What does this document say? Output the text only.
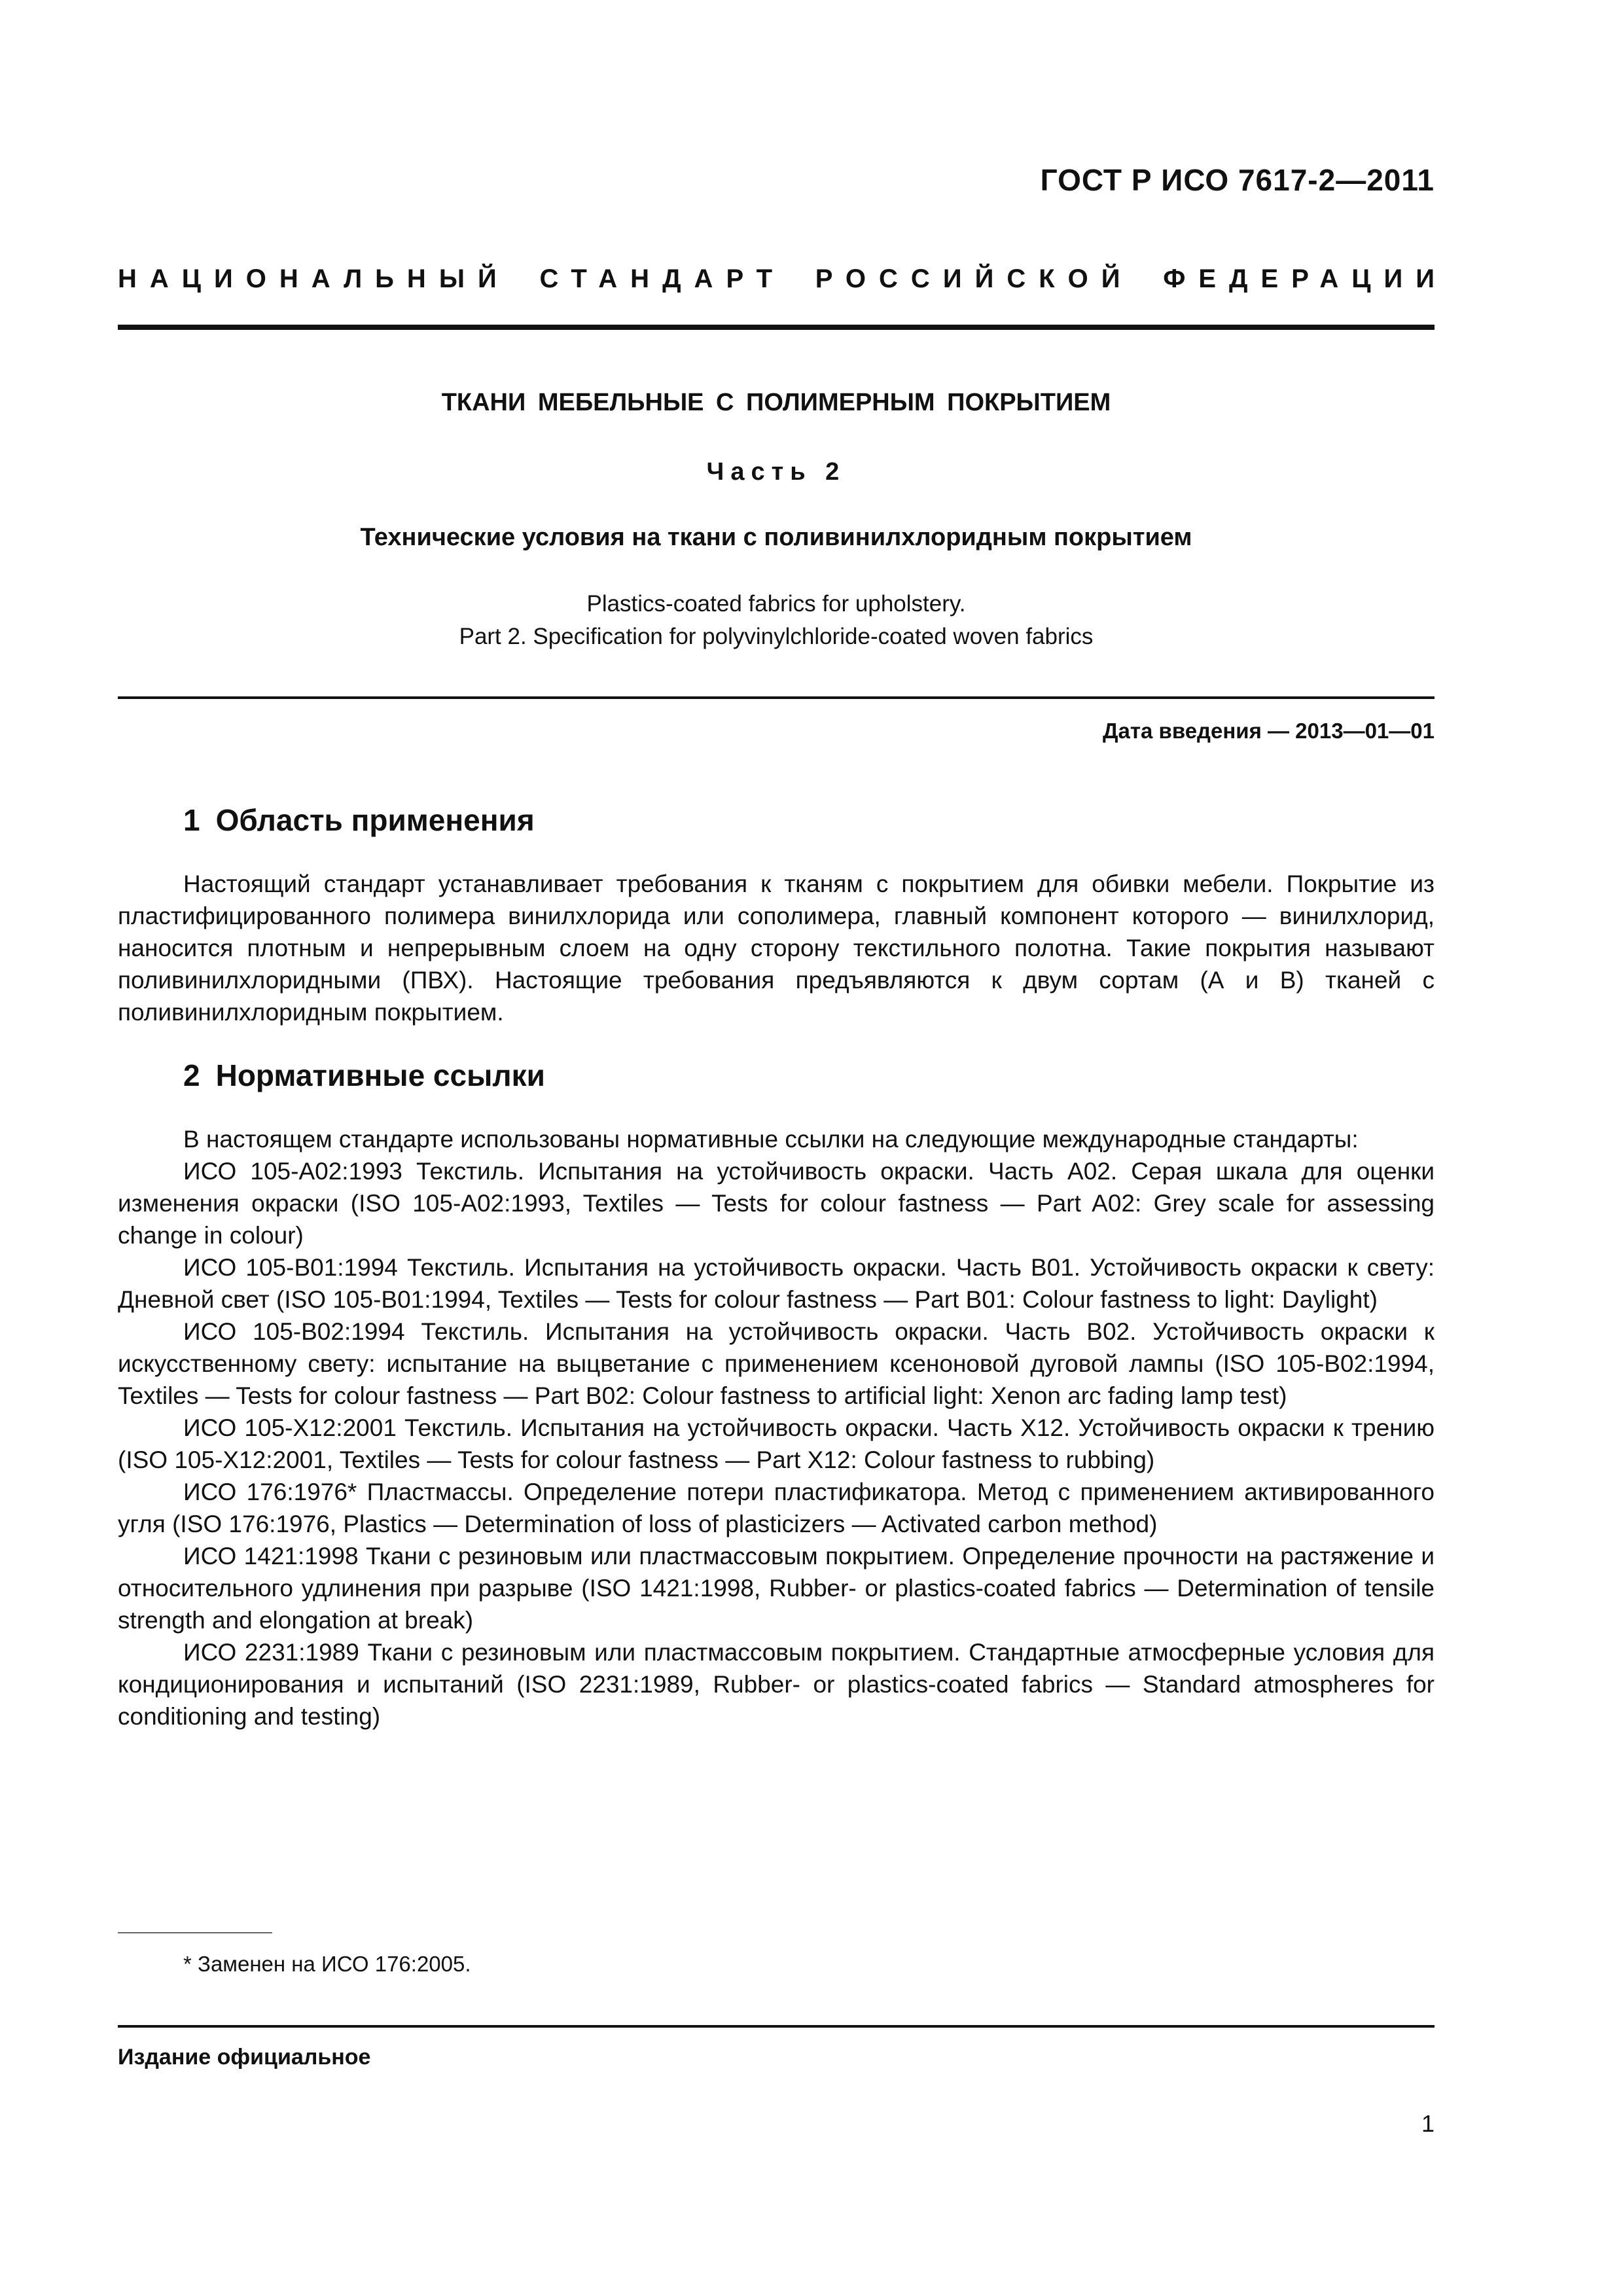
ГОСТ Р ИСО 7617-2—2011
НАЦИОНАЛЬНЫЙ СТАНДАРТ РОССИЙСКОЙ ФЕДЕРАЦИИ
ТКАНИ МЕБЕЛЬНЫЕ С ПОЛИМЕРНЫМ ПОКРЫТИЕМ
Часть 2
Технические условия на ткани с поливинилхлоридным покрытием
Plastics-coated fabrics for upholstery.
Part 2. Specification for polyvinylchloride-coated woven fabrics
Дата введения — 2013—01—01
1 Область применения

Настоящий стандарт устанавливает требования к тканям с покрытием для обивки мебели. Покрытие из пластифицированного полимера винилхлорида или сополимера, главный компонент которого — винилхлорид, наносится плотным и непрерывным слоем на одну сторону текстильного полотна. Такие покрытия называют поливинилхлоридными (ПВХ). Настоящие требования предъявляются к двум сортам (А и В) тканей с поливинилхлоридным покрытием.

2 Нормативные ссылки

В настоящем стандарте использованы нормативные ссылки на следующие международные стандарты:

ИСО 105-А02:1993 Текстиль. Испытания на устойчивость окраски. Часть А02. Серая шкала для оценки изменения окраски (ISO 105-A02:1993, Textiles — Tests for colour fastness — Part A02: Grey scale for assessing change in colour)

ИСО 105-В01:1994 Текстиль. Испытания на устойчивость окраски. Часть В01. Устойчивость окраски к свету: Дневной свет (ISO 105-B01:1994, Textiles — Tests for colour fastness — Part B01: Colour fastness to light: Daylight)

ИСО 105-В02:1994 Текстиль. Испытания на устойчивость окраски. Часть В02. Устойчивость окраски к искусственному свету: испытание на выцветание с применением ксеноновой дуговой лампы (ISO 105-B02:1994, Textiles — Tests for colour fastness — Part B02: Colour fastness to artificial light: Xenon arc fading lamp test)

ИСО 105-X12:2001 Текстиль. Испытания на устойчивость окраски. Часть Х12. Устойчивость окраски к трению (ISO 105-X12:2001, Textiles — Tests for colour fastness — Part X12: Colour fastness to rubbing)

ИСО 176:1976* Пластмассы. Определение потери пластификатора. Метод с применением активированного угля (ISO 176:1976, Plastics — Determination of loss of plasticizers — Activated carbon method)

ИСО 1421:1998 Ткани с резиновым или пластмассовым покрытием. Определение прочности на растяжение и относительного удлинения при разрыве (ISO 1421:1998, Rubber- or plastics-coated fabrics — Determination of tensile strength and elongation at break)

ИСО 2231:1989 Ткани с резиновым или пластмассовым покрытием. Стандартные атмосферные условия для кондиционирования и испытаний (ISO 2231:1989, Rubber- or plastics-coated fabrics — Standard atmospheres for conditioning and testing)

* Заменен на ИСО 176:2005.
Издание официальное
1
